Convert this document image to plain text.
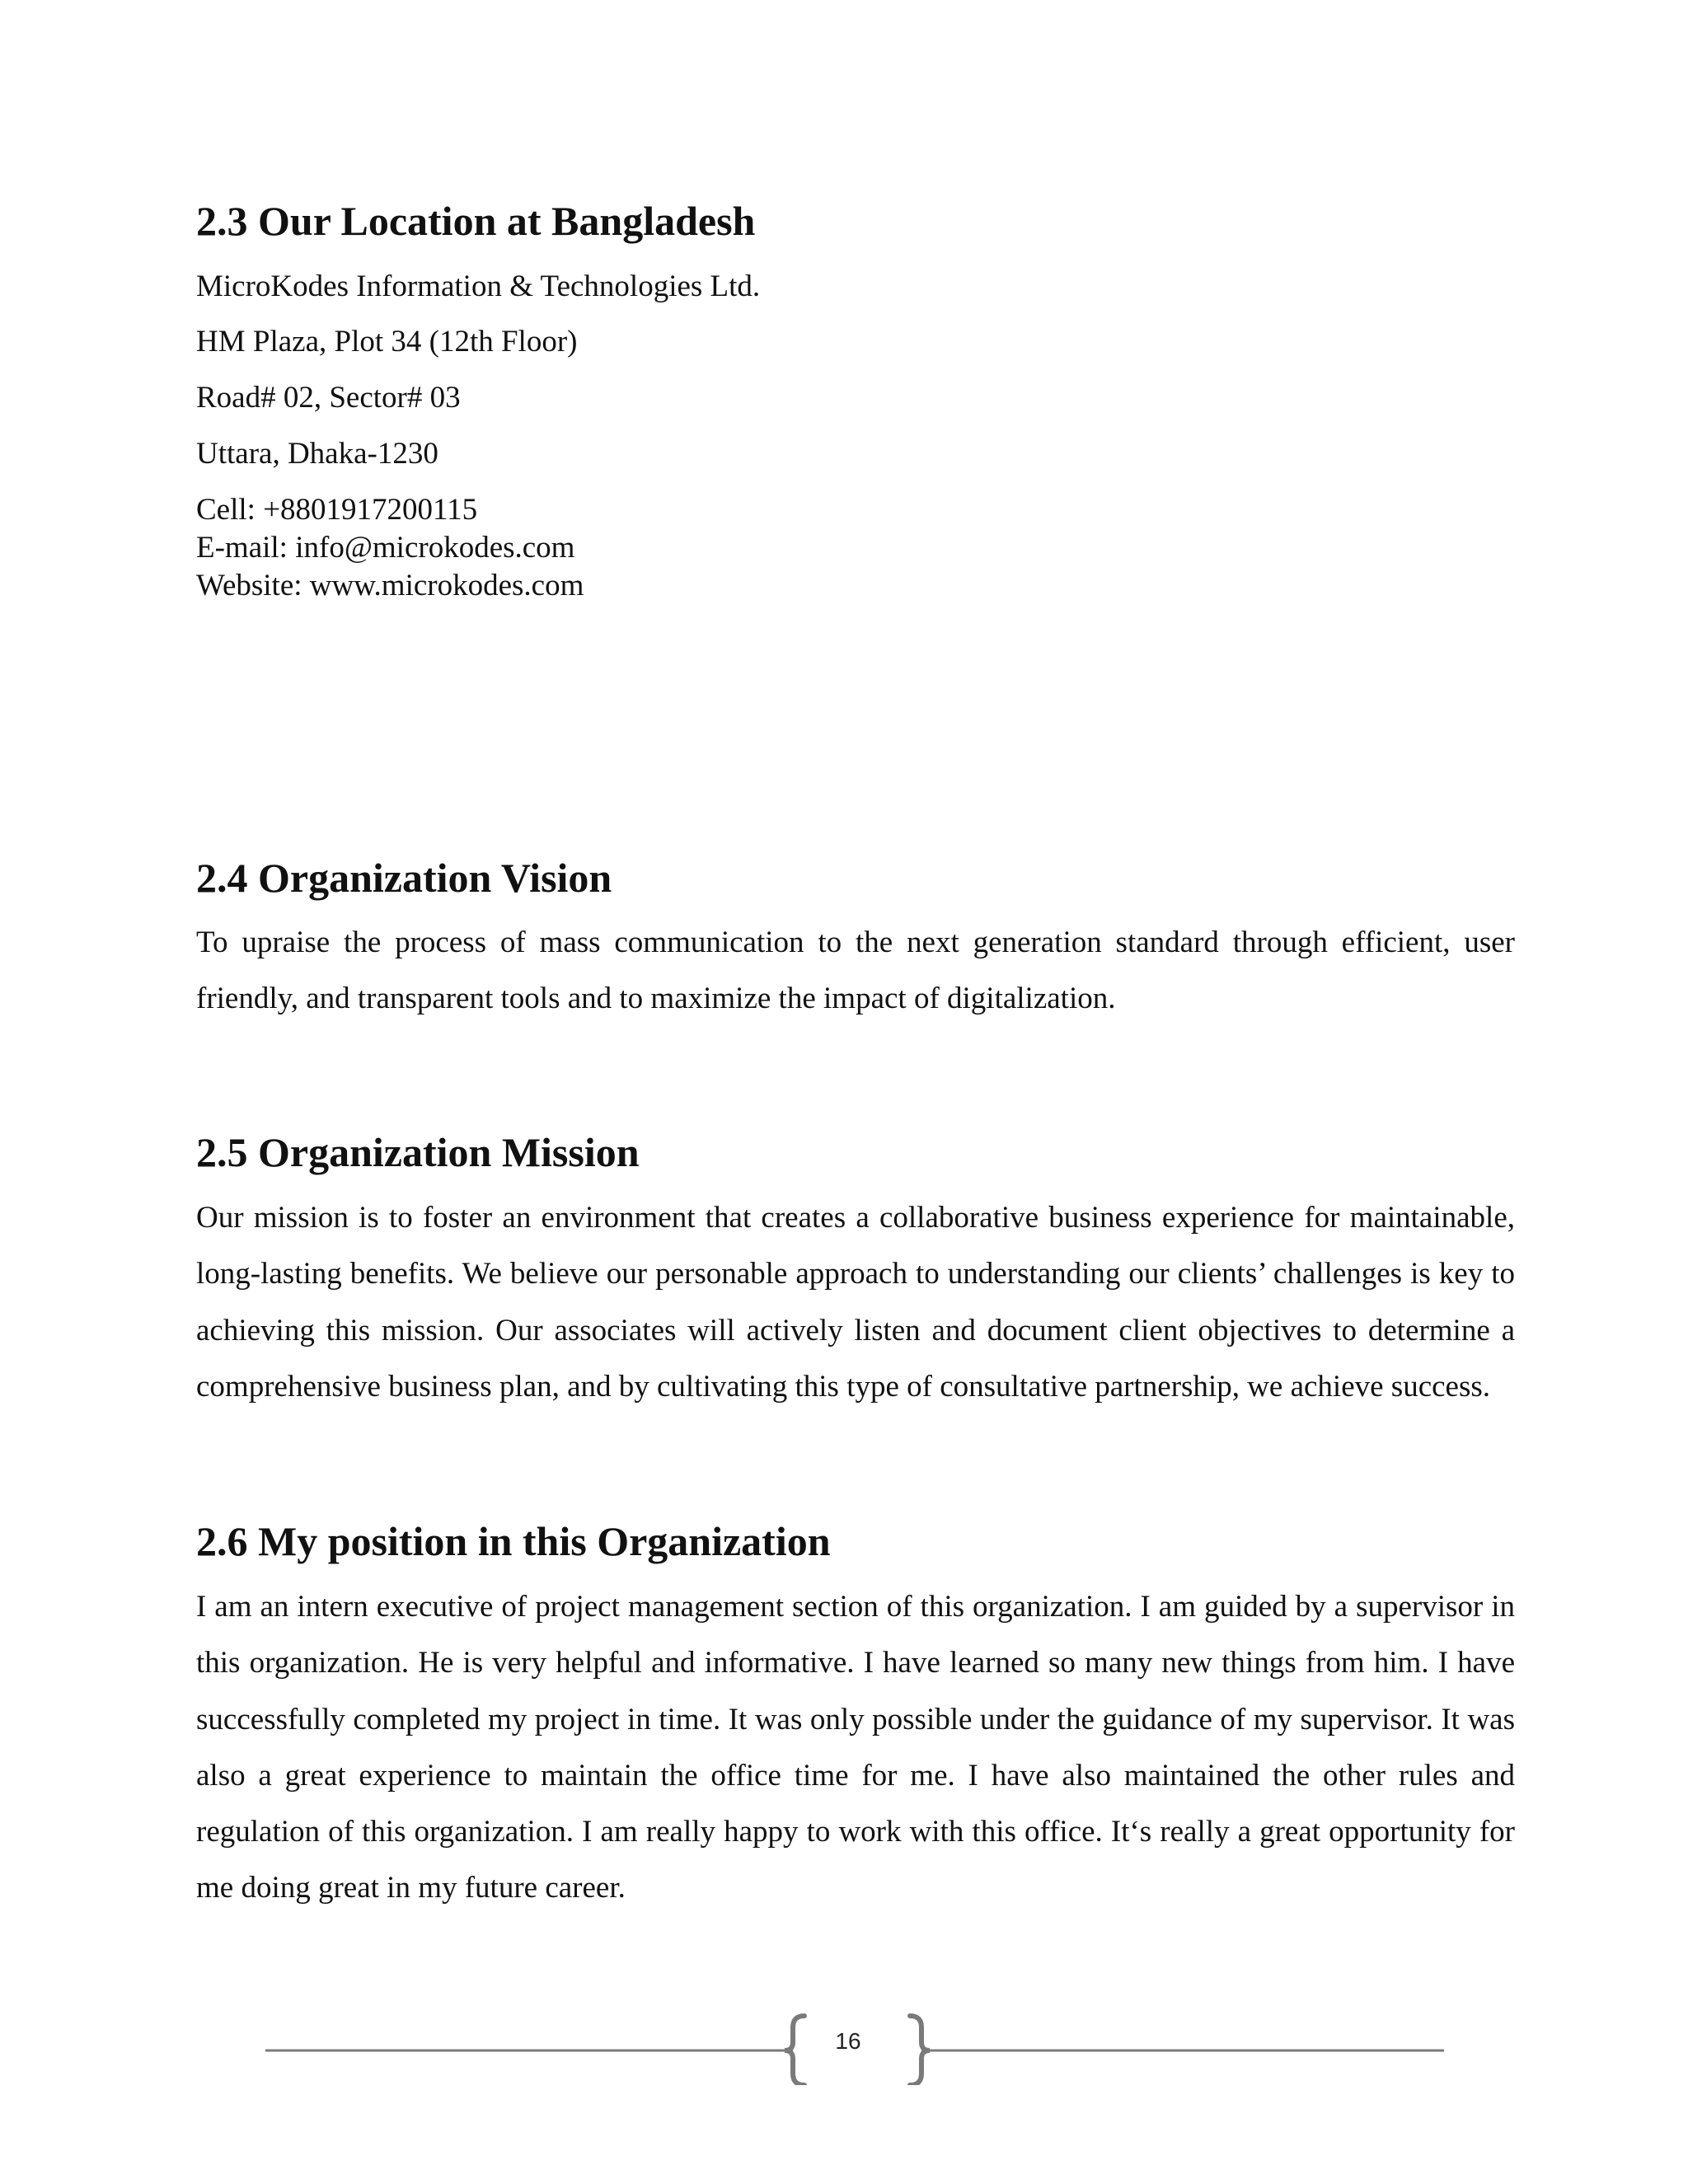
2.3 Our Location at Bangladesh
MicroKodes Information & Technologies Ltd.
HM Plaza, Plot 34 (12th Floor)
Road# 02, Sector# 03
Uttara, Dhaka-1230
Cell: +8801917200115
E-mail: info@microkodes.com
Website: www.microkodes.com
2.4 Organization Vision

To upraise the process of mass communication to the next generation standard through efficient, user friendly, and transparent tools and to maximize the impact of digitalization.

2.5 Organization Mission

Our mission is to foster an environment that creates a collaborative business experience for maintainable, long-lasting benefits. We believe our personable approach to understanding our clients’ challenges is key to achieving this mission. Our associates will actively listen and document client objectives to determine a comprehensive business plan, and by cultivating this type of consultative partnership, we achieve success.

2.6 My position in this Organization

I am an intern executive of project management section of this organization. I am guided by a supervisor in this organization. He is very helpful and informative. I have learned so many new things from him. I have successfully completed my project in time. It was only possible under the guidance of my supervisor. It was also a great experience to maintain the office time for me. I have also maintained the other rules and regulation of this organization. I am really happy to work with this office. It‘s really a great opportunity for me doing great in my future career.

16
